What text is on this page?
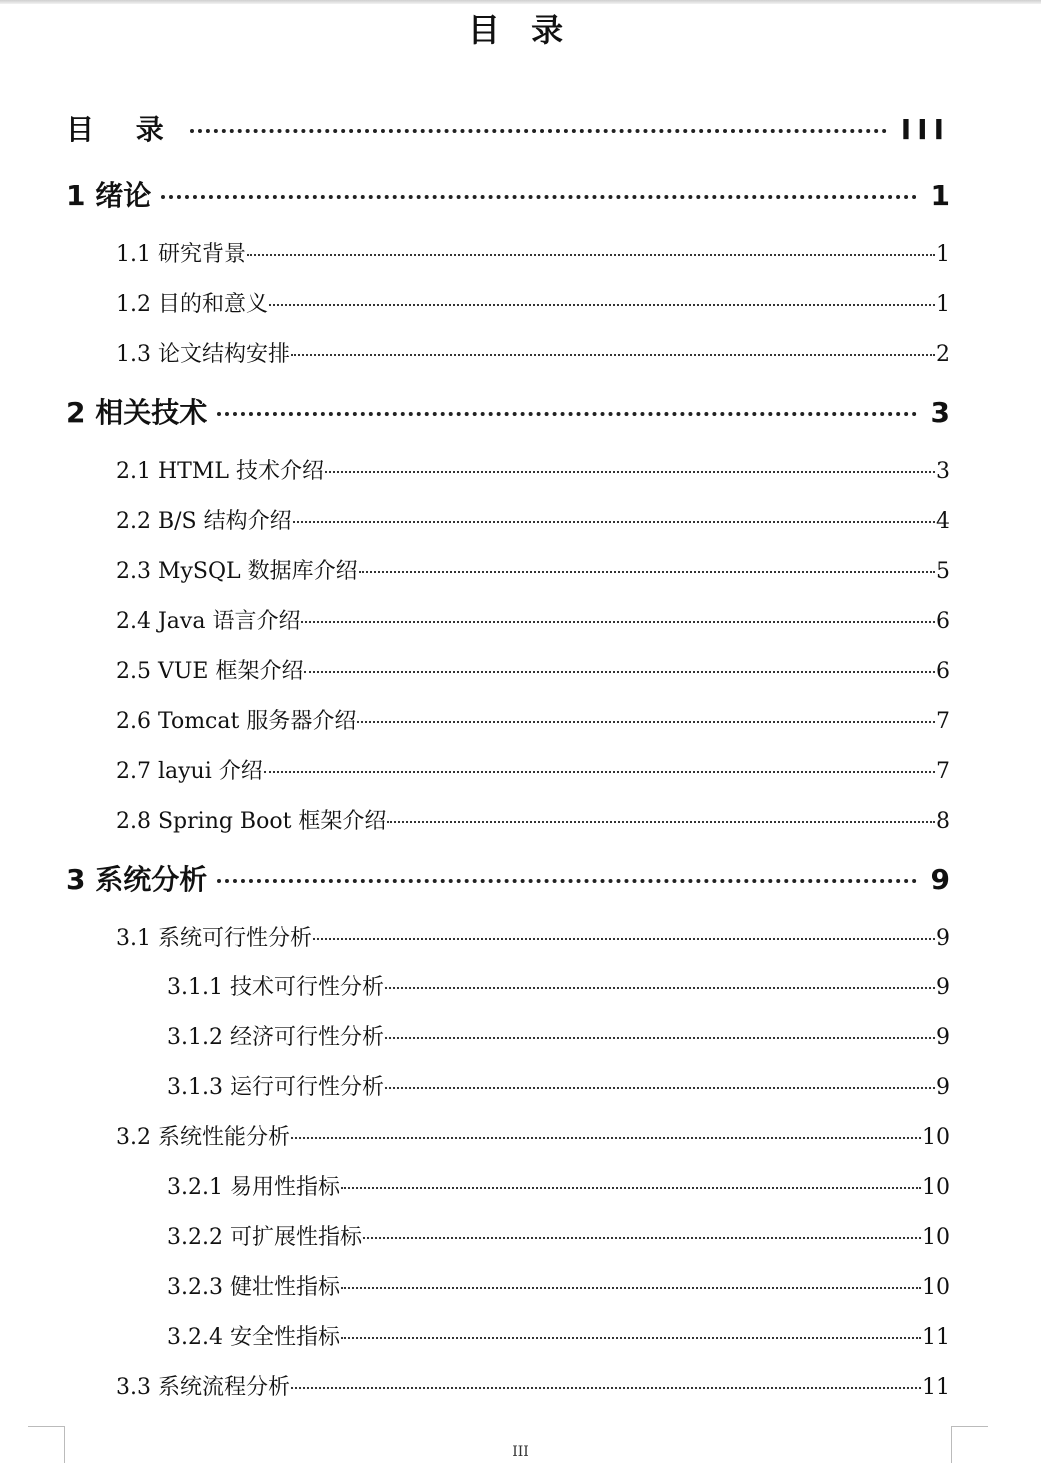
目 录
目 录	III
1 绪论	1
1.1 研究背景	1
1.2 目的和意义	1
1.3 论文结构安排	2
2 相关技术	3
2.1 HTML 技术介绍	3
2.2 B/S 结构介绍	4
2.3 MySQL 数据库介绍	5
2.4 Java 语言介绍	6
2.5 VUE 框架介绍	6
2.6 Tomcat 服务器介绍	7
2.7 layui 介绍	7
2.8 Spring Boot 框架介绍	8
3 系统分析	9
3.1 系统可行性分析	9
3.1.1 技术可行性分析	9
3.1.2 经济可行性分析	9
3.1.3 运行可行性分析	9
3.2 系统性能分析	10
3.2.1 易用性指标	10
3.2.2 可扩展性指标	10
3.2.3 健壮性指标	10
3.2.4 安全性指标	11
3.3 系统流程分析	11
III
